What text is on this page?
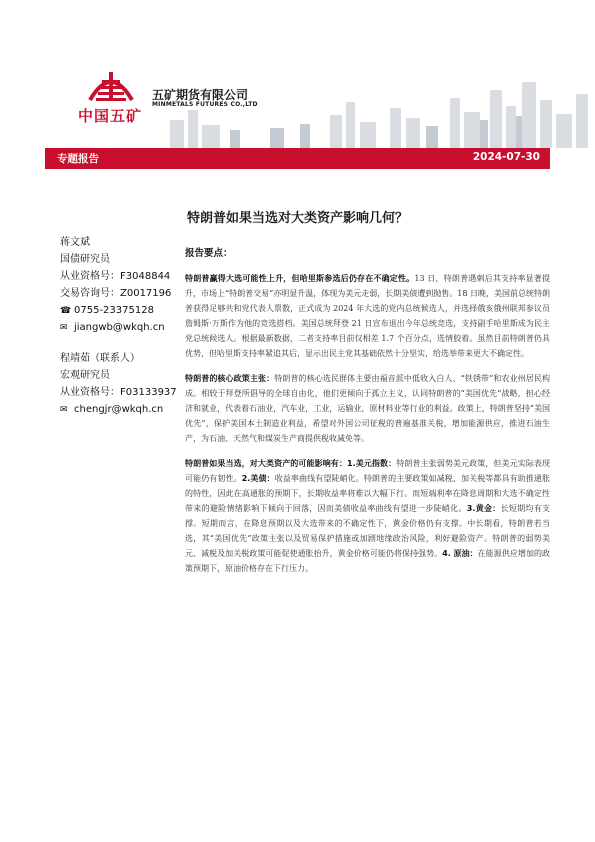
中国五矿
五矿期货有限公司
MINMETALS FUTURES CO.,LTD
专题报告	2024-07-30
特朗普如果当选对大类资产影响几何？
蒋文斌
国债研究员
从业资格号：F3048844
交易咨询号：Z0017196
☎ 0755-23375128
✉ jiangwb@wkqh.cn
程靖茹（联系人）
宏观研究员
从业资格号：F03133937
✉ chengjr@wkqh.cn
报告要点：

特朗普赢得大选可能性上升，但哈里斯参选后仍存在不确定性。13 日，特朗普遇刺后其支持率显著提升，市场上“特朗普交易”亦明显升温，体现为美元走弱，长期美债遭到抛售。18 日晚，美国前总统特朗普获得足够共和党代表人票数，正式成为 2024 年大选的党内总统候选人，并选择俄亥俄州联邦参议员詹姆斯·万斯作为他的竞选搭档。美国总统拜登 21 日宣布退出今年总统竞选，支持副手哈里斯成为民主党总统候选人。根据最新数据，二者支持率目前仅相差 1.7 个百分点，选情胶着。虽然目前特朗普仍具优势，但哈里斯支持率紧追其后，显示出民主党其基础依然十分坚实，给选举带来更大不确定性。

特朗普的核心政策主张：特朗普的核心选民群体主要由福音派中低收入白人、“铁锈带”和农业州居民构成。相较于拜登所倡导的全球自由化，他们更倾向于孤立主义，认同特朗普的“美国优先”战略，担心经济和就业，代表着石油业，汽车业，工业，运输业，原材料业等行业的利益。政策上，特朗普坚持“美国优先”，保护美国本土制造业利益，希望对外国公司征税的普遍基准关税，增加能源供应，推进石油生产，为石油、天然气和煤炭生产商提供税收减免等。

特朗普如果当选，对大类资产的可能影响有：1.美元指数：特朗普主张弱势美元政策，但美元实际表现可能仍有韧性。2.美债：收益率曲线有望陡峭化。特朗普的主要政策如减税、加关税等都具有助推通胀的特性，因此在高通胀的预期下，长期收益率将难以大幅下行。而短端利率在降息周期和大选不确定性带来的避险情绪影响下倾向于回落，因而美债收益率曲线有望进一步陡峭化。3.黄金：长短期均有支撑。短期而言，在降息预期以及大选带来的不确定性下，黄金价格仍有支撑。中长期看，特朗普若当选，其“美国优先”政策主张以及贸易保护措施或加剧地缘政治风险，利好避险资产。特朗普的弱势美元、减税及加关税政策可能促使通胀抬升，黄金价格可能仍将保持强势。4. 原油：在能源供应增加的政策预期下，原油价格存在下行压力。
